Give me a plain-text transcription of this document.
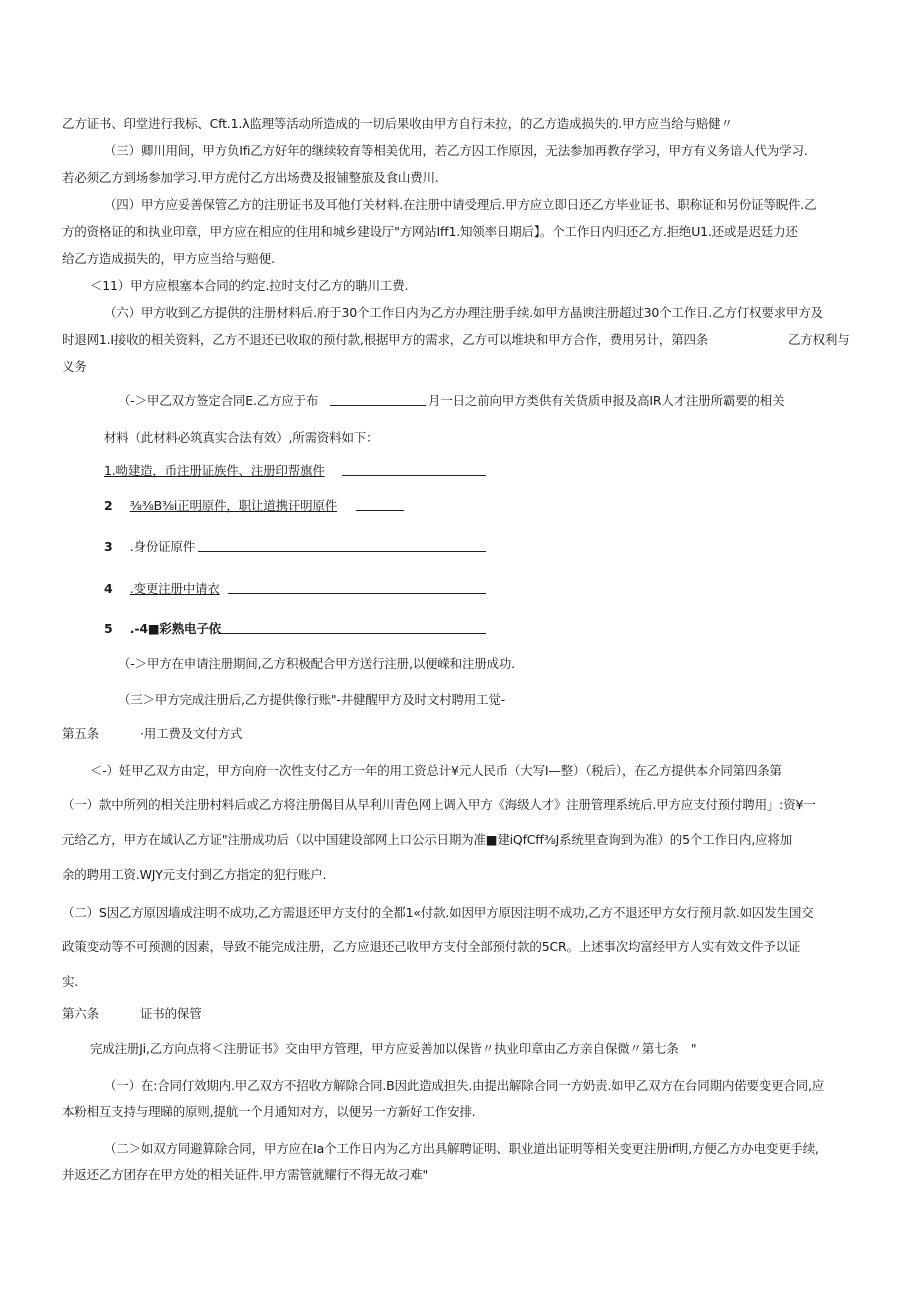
乙方证书、印堂进行我标、Cft.1.λ监理等活动所造成的一切后果收由甲方自行未拉，的乙方造成损失的.甲方应当给与赔健〃
（三）卿川用间，甲方负Ifi乙方好年的继续较育等相美优用，若乙方囚工作原因，无法参加再教存学习，甲方有义务谙人代为学习.
若必须乙方到场参加学习.甲方虎付乙方出场费及报铺整旅及食山费川.
（四）甲方应妥善保管乙方的注册证书及耳他仃关材料.在注册中请受理后.甲方应立即日还乙方毕业证书、职称证和另份证等睨件.乙
方的资格证的和执业印章，甲方应在相应的住用和城乡建设厅"方网站Iff1.知领率日期后】。个工作日内归还乙方.拒绝U1.还或是迟廷力还
给乙方造成损失的，甲方应当给与赔便.
＜11）甲方应根塞本合同的约定.拉时支付乙方的聃川工费.
（六）甲方收到乙方提供的注册材料后.府于30个工作日内为乙方办理注册手续.如甲方晶谀注册超过30个工作日.乙方仃权要求甲方及
时退网1.I接收的相关资料，乙方不退还已收取的预付款,根据甲方的需求，乙方可以堆块和甲方合作，费用另计，第四条	乙方权利与
义务
（-＞甲乙双方签定合同E.乙方应于布	月一日之前向甲方类供有关货质申报及高IR人才注册所霸要的相关
材料（此材料必筑真实合法有效）,所需资料如下：
1.呦建造，币注册证族件、注册印帮旗件
2 ⅜⅜B⅜i正明原件，职让道携讦明原件
3 .身份证原件
4 .变更注册中请衣
5 .-4■彩熟电子依
（-＞甲方在申请注册期间,乙方积极配合甲方送行注册,以便嵘和注册成功.
（三＞甲方完成注册后,乙方提供像行账"-井健醒甲方及时文村聘用工觉-
第五条	·用工费及文付方式
＜-）妊甲乙双方由定，甲方向府一次性支付乙方一年的用工资总计¥元人民币（大写I—整）（税后），在乙方提供本介同第四条第
（一）款中所列的相关注册村料后或乙方将注册偈目从早利川青色网上调入甲方《海级人才》注册管理系统后.甲方应支付预付聘用」:资¥一
元给乙方，甲方在域认乙方证"注册成功后（以中国建设部网上口公示日期为准■建iQfCff⅜J系统里查询到为准）的5个工作日内,应将加
余的聘用工资.WJY元支付到乙方指定的犯行账户.
（二）S因乙方原因墙成注明不成功,乙方需退还甲方支付的全都1«付款.如因甲方原因注明不成功,乙方不退还甲方女行预月款.如囚发生国交
政策变动等不可预测的因素，导致不能完成注册，乙方应退还己收甲方支付全部预付款的5CR。上述事次均富经甲方人实有效文件予以证
实.
第六条	证书的保管
完成注册Ji,乙方向点将＜注册证书》交由甲方管理，甲方应妥善加以保皆〃执业印章由乙方亲自保微〃第七条　"
（一）在:合同仃效期内.甲乙双方不招收方解除合同.B因此造成担失.由提出解除合同一方奶责.如甲乙双方在台同期内偌要变更合同,应
本粉相互支持与理睇的原则,提航一个月通知对方，以便另一方新好工作安排.
（二＞如双方同避算除合同，甲方应在Ia个工作日内为乙方出具解聘证明、职业道出证明等相关变更注册if明,方便乙方办电变更手续,
并返还乙方团存在甲方处的相关证件.甲方需管就耀行不得无故刁难"
